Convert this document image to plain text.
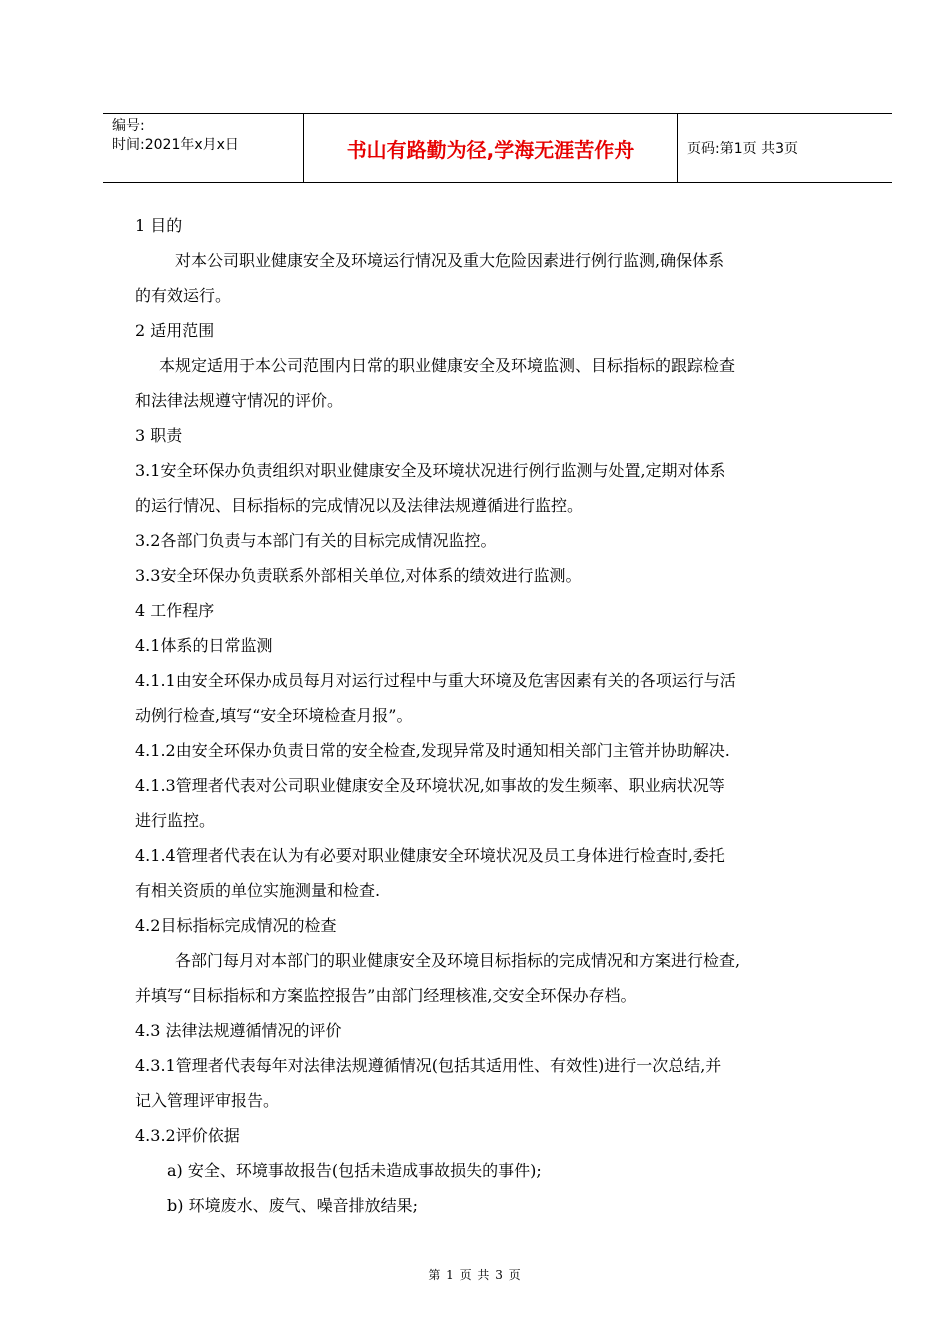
编号:
时间:2021年x月x日	书山有路勤为径,学海无涯苦作舟	页码:第1页 共3页

1 目的

对本公司职业健康安全及环境运行情况及重大危险因素进行例行监测,确保体系

的有效运行。

2 适用范围

本规定适用于本公司范围内日常的职业健康安全及环境监测、目标指标的跟踪检查

和法律法规遵守情况的评价。

3 职责

3.1安全环保办负责组织对职业健康安全及环境状况进行例行监测与处置,定期对体系

的运行情况、目标指标的完成情况以及法律法规遵循进行监控。

3.2各部门负责与本部门有关的目标完成情况监控。

3.3安全环保办负责联系外部相关单位,对体系的绩效进行监测。

4 工作程序

4.1体系的日常监测

4.1.1由安全环保办成员每月对运行过程中与重大环境及危害因素有关的各项运行与活

动例行检查,填写“安全环境检查月报”。

4.1.2由安全环保办负责日常的安全检查,发现异常及时通知相关部门主管并协助解决.

4.1.3管理者代表对公司职业健康安全及环境状况,如事故的发生频率、职业病状况等

进行监控。

4.1.4管理者代表在认为有必要对职业健康安全环境状况及员工身体进行检查时,委托

有相关资质的单位实施测量和检查.

4.2目标指标完成情况的检查

各部门每月对本部门的职业健康安全及环境目标指标的完成情况和方案进行检查,

并填写“目标指标和方案监控报告”由部门经理核准,交安全环保办存档。

4.3 法律法规遵循情况的评价

4.3.1管理者代表每年对法律法规遵循情况(包括其适用性、有效性)进行一次总结,并

记入管理评审报告。

4.3.2评价依据

a) 安全、环境事故报告(包括未造成事故损失的事件);

b) 环境废水、废气、噪音排放结果;

第 1 页 共 3 页
